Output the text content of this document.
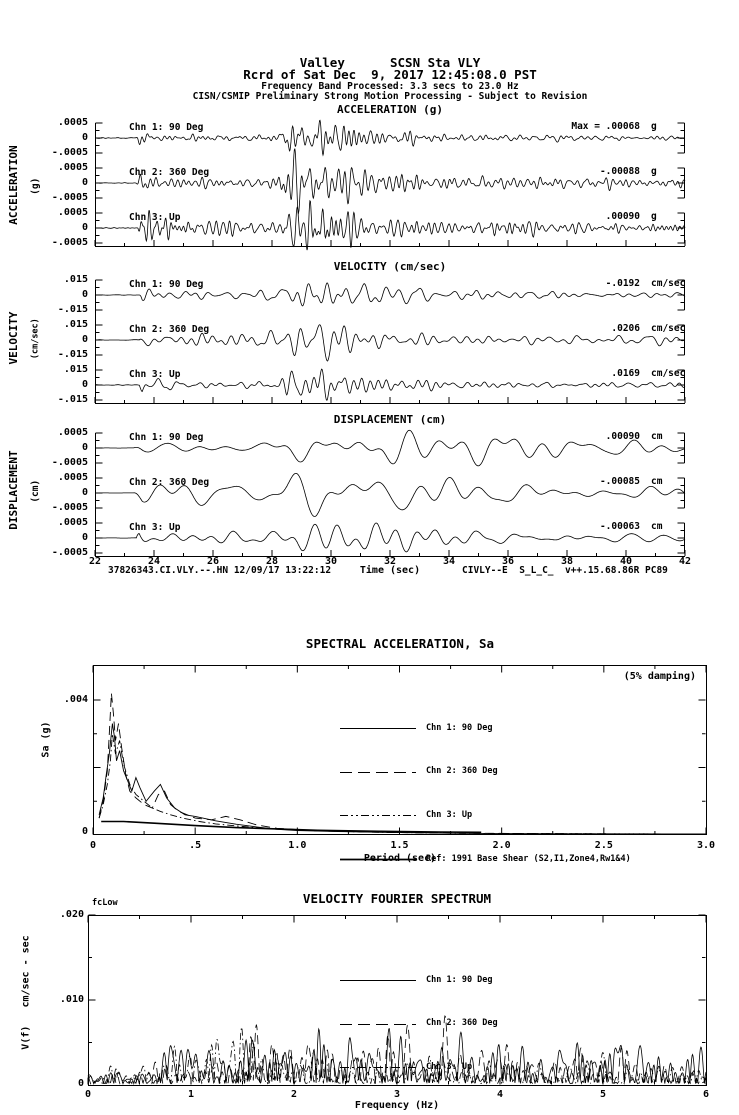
Valley      SCSN Sta VLY
Rcrd of Sat Dec  9, 2017 12:45:08.0 PST
Frequency Band Processed: 3.3 secs to 23.0 Hz
CISN/CSMIP Preliminary Strong Motion Processing - Subject to Revision
ACCELERATION (g)
VELOCITY (cm/sec)
DISPLACEMENT (cm)
ACCELERATION (g)
VELOCITY (cm/sec)
DISPLACEMENT (cm)
Chn 1: 90 Deg	Max = .00068 g
Chn 2: 360 Deg	-.00088 g
Chn 3: Up	.00090 g
Chn 1: 90 Deg	-.0192 cm/sec
Chn 2: 360 Deg	.0206 cm/sec
Chn 3: Up	.0169 cm/sec
Chn 1: 90 Deg	.00090 cm
Chn 2: 360 Deg	-.00085 cm
Chn 3: Up	-.00063 cm
Time (sec)
37826343.CI.VLY.--.HN 12/09/17 13:22:12	CIVLY--E  S_L_C_  v++.15.68.86R PC89
SPECTRAL ACCELERATION, Sa
(5% damping)
Sa (g)
.004
0
Period (sec)

Chn 1: 90 Deg

Chn 2: 360 Deg

Chn 3: Up

Ref: 1991 Base Shear (S2,I1,Zone4,Rw1&4)

VELOCITY FOURIER SPECTRUM
fcLow
V(f)   cm/sec - sec
.020
.010
0
Frequency (Hz)

Chn 1: 90 Deg

Chn 2: 360 Deg

Chn 3: Up

.0005
0
-.0005
.0005
0
-.0005
.0005
0
-.0005
.015
0
-.015
.015
0
-.015
.015
0
-.015
.0005
0
-.0005
.0005
0
-.0005
.0005
0
-.0005
22	24	26	28	30	32	34	36	38	40	42
0	.5	1.0	1.5	2.0	2.5	3.0
0	1	2	3	4	5	6
